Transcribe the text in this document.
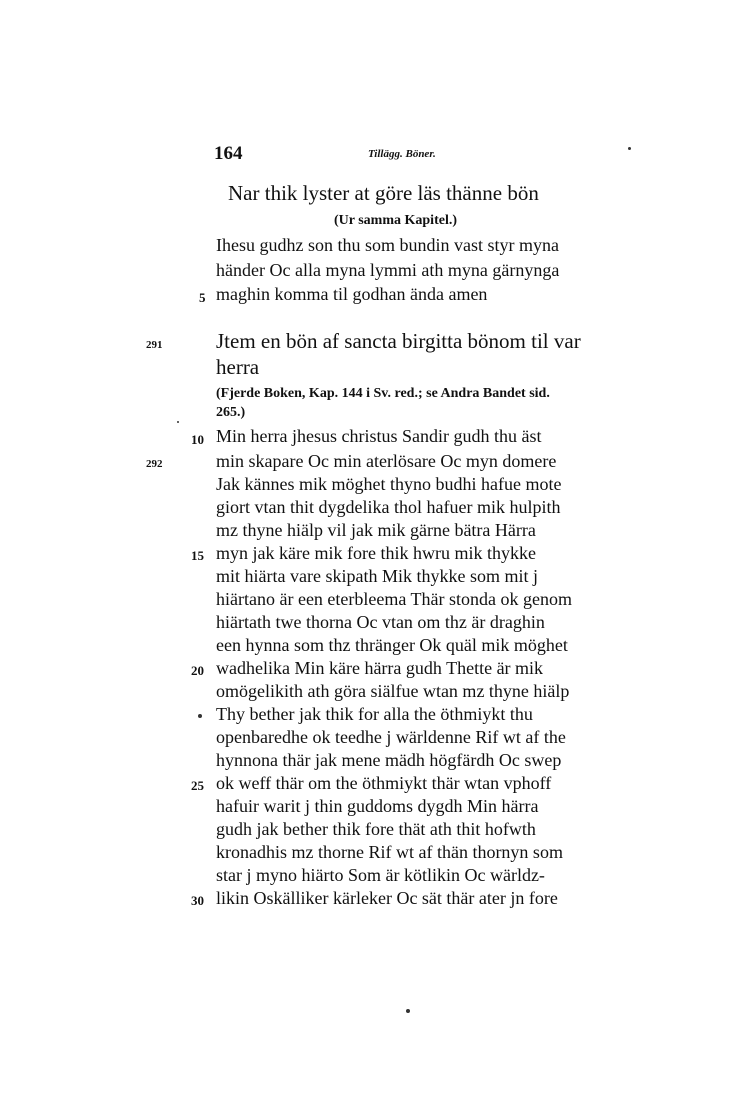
164	Tillägg. Böner.
Nar thik lyster at göre läs thänne bön
(Ur samma Kapitel.)
Ihesu gudhz son thu som bundin vast styr myna
händer Oc alla myna lymmi ath myna gärnynga
maghin komma til godhan ända amen
5
291	Jtem en bön af sancta birgitta bönom til var
herra
(Fjerde Boken, Kap. 144 i Sv. red.; se Andra Bandet sid.
265.)
10
292
Min herra jhesus christus Sandir gudh thu äst
min skapare Oc min aterlösare Oc myn domere
Jak kännes mik möghet thyno budhi hafue mote
giort vtan thit dygdelika thol hafuer mik hulpith
mz thyne hiälp vil jak mik gärne bätra Härra
15 myn jak käre mik fore thik hwru mik thykke
mit hiärta vare skipath Mik thykke som mit j
hiärtano är een eterbleema Thär stonda ok genom
hiärtath twe thorna Oc vtan om thz är draghin
een hynna som thz thränger Ok quäl mik möghet
20 wadhelika Min käre härra gudh Thette är mik
omögelikith ath göra siälfue wtan mz thyne hiälp
Thy bether jak thik for alla the öthmiykt thu
openbaredhe ok teedhe j wärldenne Rif wt af the
hynnona thär jak mene mädh högfärdh Oc swep
25 ok weff thär om the öthmiykt thär wtan vphoff
hafuir warit j thin guddoms dygdh Min härra
gudh jak bether thik fore thät ath thit hofwth
kronadhis mz thorne Rif wt af thän thornyn som
star j myno hiärto Som är kötlikin Oc wärldz-
30 likin Oskälliker kärleker Oc sät thär ater jn fore
